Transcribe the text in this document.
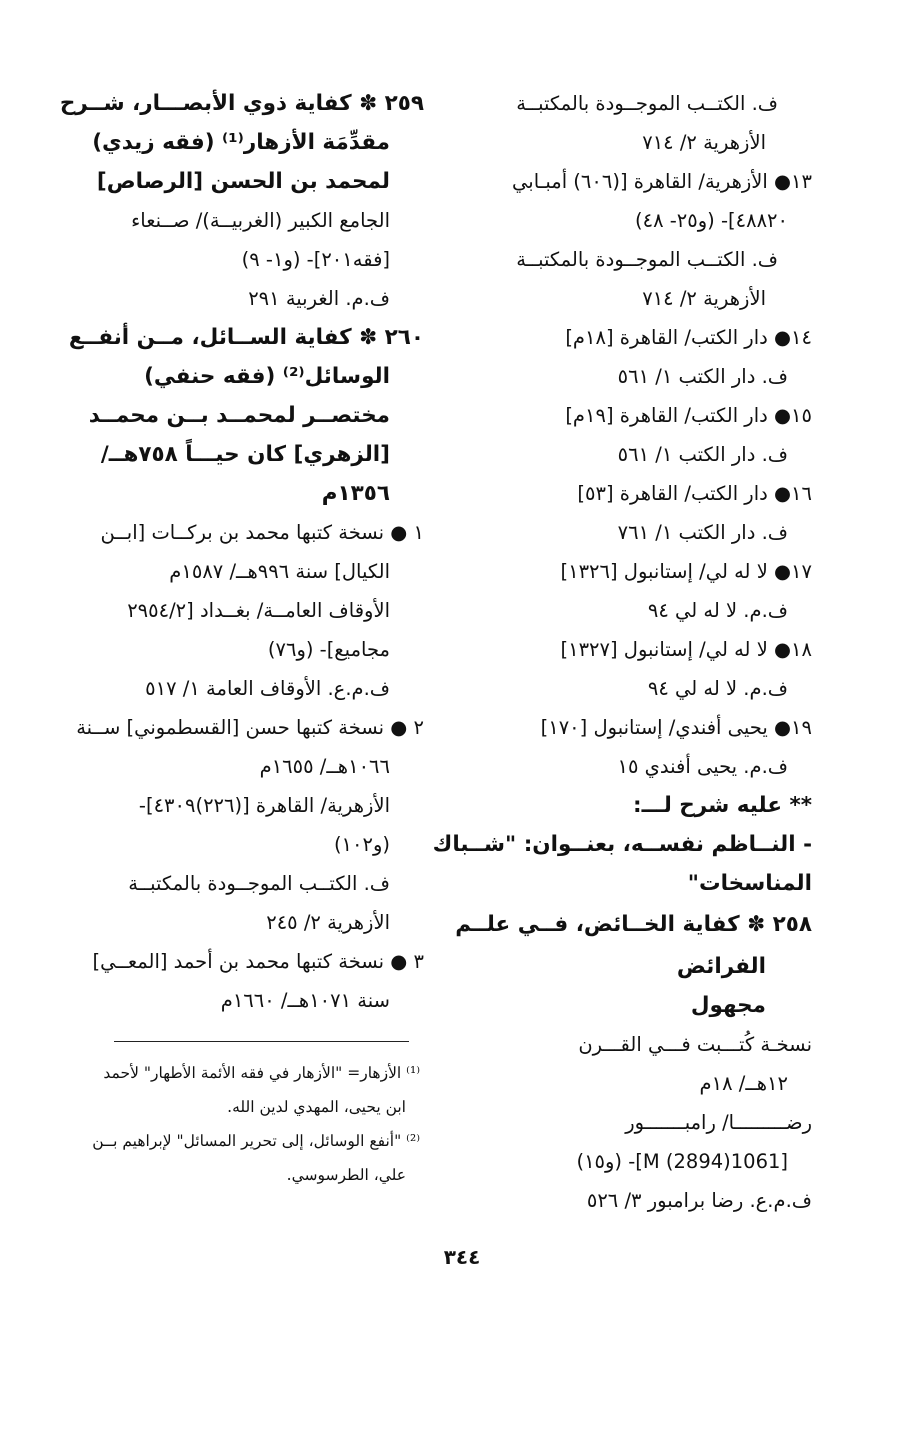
ف. الكتــب الموجــودة بالمكتبــة
الأزهرية ٢/ ٧١٤
١٣● الأزهرية/ القاهرة [(٦٠٦) أمبـابي
٤٨٨٢٠]- (و٢٥- ٤٨)
ف. الكتــب الموجــودة بالمكتبــة
الأزهرية ٢/ ٧١٤
١٤● دار الكتب/ القاهرة [١٨م]
ف. دار الكتب ١/ ٥٦١
١٥● دار الكتب/ القاهرة [١٩م]
ف. دار الكتب ١/ ٥٦١
١٦● دار الكتب/ القاهرة [٥٣]
ف. دار الكتب ١/ ٧٦١
١٧● لا له لي/ إستانبول [١٣٢٦]
ف.م. لا له لي ٩٤
١٨● لا له لي/ إستانبول [١٣٢٧]
ف.م. لا له لي ٩٤
١٩● يحيى أفندي/ إستانبول [١٧٠]
ف.م. يحيى أفندي ١٥
** عليه شرح لـــ:
- النــاظم نفســه، بعنــوان: "شــباك
المناسخات"
٢٥٨ ✽ كفاية الخــائض، فــي علــم
الفرائض
مجهول
نسخـة كُتـــبت فـــي القـــرن
١٢هــ/ ١٨م
رضـــــــــا/ رامبـــــــور
[M (2894)1061]- (و١٥)
ف.م.ع. رضا برامبور ٣/ ٥٢٦
٢٥٩ ✽ كفاية ذوي الأبصـــار، شــرح
مقدِّمَة الأزهار⁽¹⁾ (فقه زيدي)
لمحمد بن الحسن [الرصاص]
الجامع الكبير (الغربيــة)/ صــنعاء
[فقه٢٠١]- (و١- ٩)
ف.م. الغربية ٢٩١
٢٦٠ ✽ كفاية الســائل، مــن أنفــع
الوسائل⁽²⁾ (فقه حنفي)
مختصــر لمحمــد بــن محمــد
[الزهري] كان حيـــاً ٧٥٨هــ/
١٣٥٦م
١ ● نسخة كتبها محمد بن بركــات [ابــن
الكيال] سنة ٩٩٦هــ/ ١٥٨٧م
الأوقاف العامــة/ بغــداد [٢٩٥٤/٢
مجاميع]- (و٧٦)
ف.م.ع. الأوقاف العامة ١/ ٥١٧
٢ ● نسخة كتبها حسن [القسطموني] ســنة
١٠٦٦هــ/ ١٦٥٥م
الأزهرية/ القاهرة [(٢٢٦)٤٣٠٩]-
(و١٠٢)
ف. الكتــب الموجــودة بالمكتبــة
الأزهرية ٢/ ٢٤٥
٣ ● نسخة كتبها محمد بن أحمد [المعــي]
سنة ١٠٧١هــ/ ١٦٦٠م
⁽¹⁾ الأزهار= "الأزهار في فقه الأئمة الأطهار" لأحمد
ابن يحيى، المهدي لدين الله.
⁽²⁾ "أنفع الوسائل، إلى تحرير المسائل" لإبراهيم بــن
علي، الطرسوسي.
٣٤٤
